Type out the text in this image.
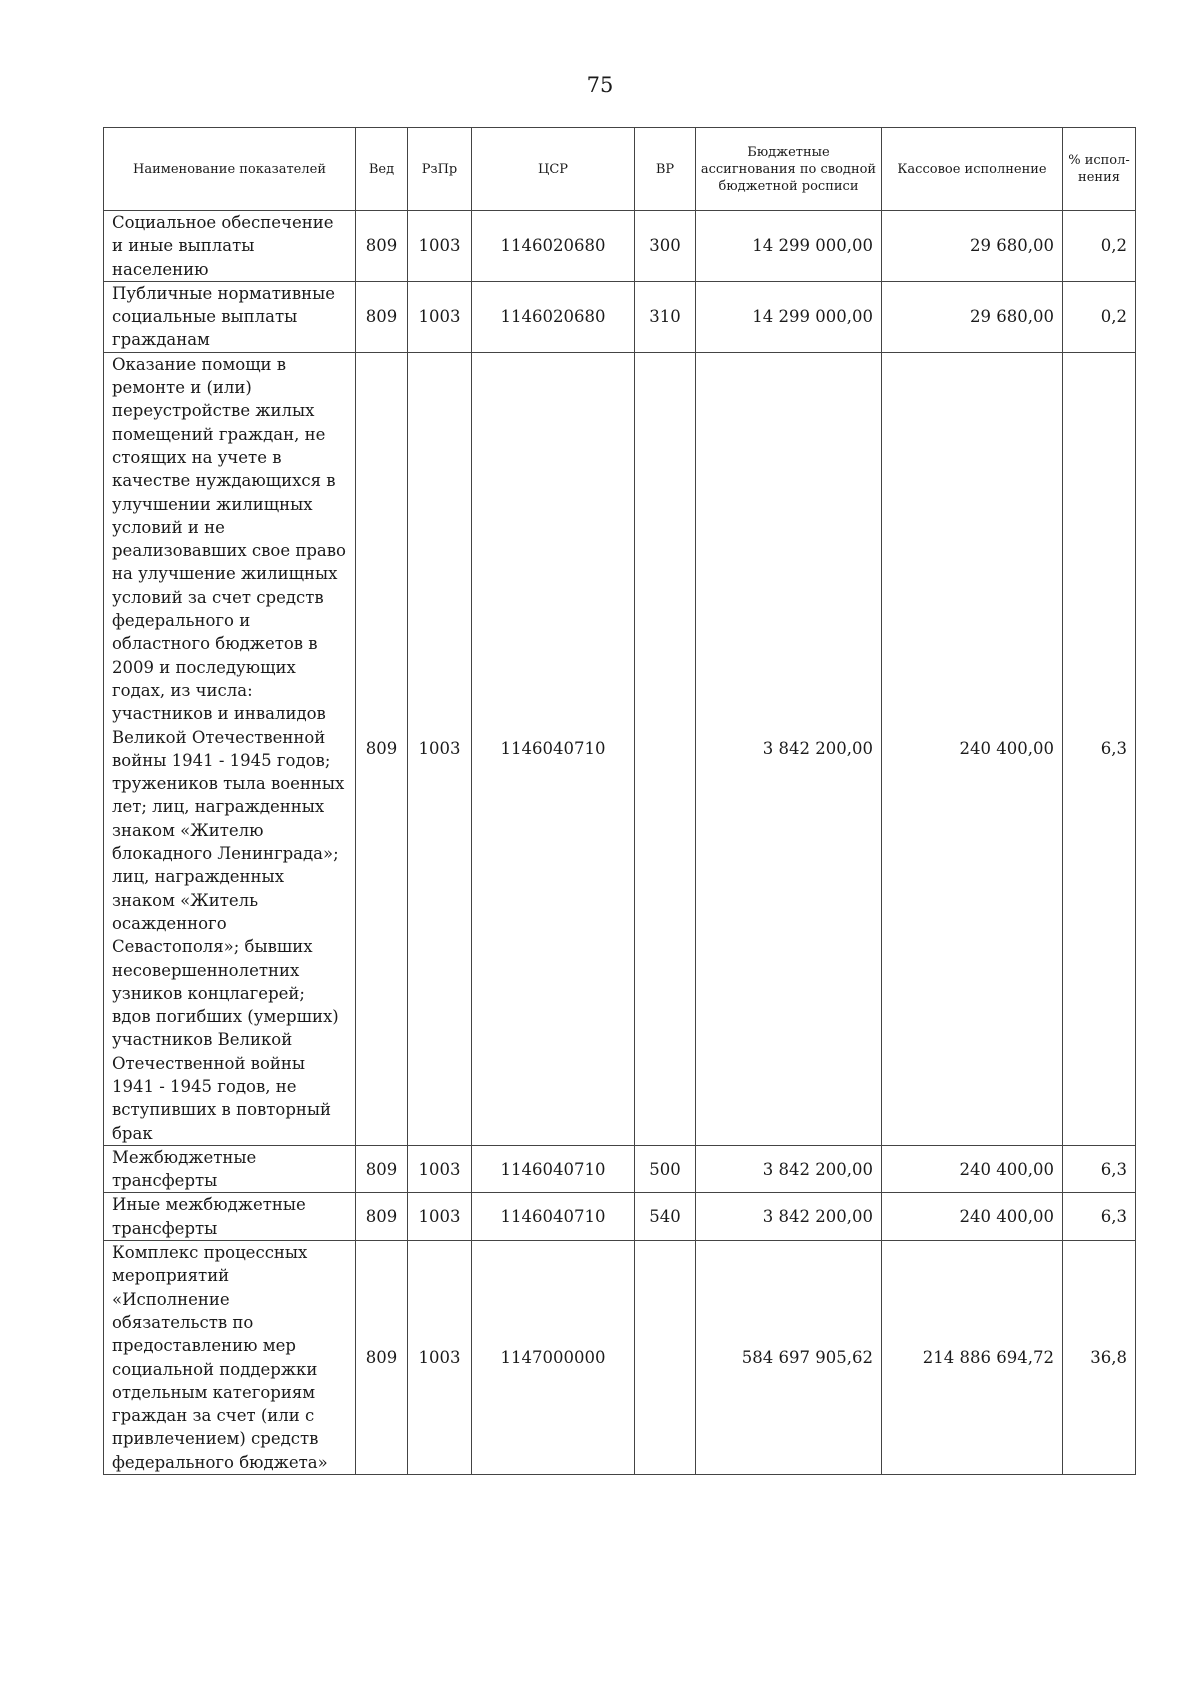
75
Наименование показателей	Вед	РзПр	ЦСР	ВР	Бюджетные ассигнования по сводной бюджетной росписи	Кассовое исполнение	% испол-нения
Социальное обеспечение и иные выплаты населению	809	1003	1146020680	300	14 299 000,00	29 680,00	0,2
Публичные нормативные социальные выплаты гражданам	809	1003	1146020680	310	14 299 000,00	29 680,00	0,2
Оказание помощи в ремонте и (или) переустройстве жилых помещений граждан, не стоящих на учете в качестве нуждающихся в улучшении жилищных условий и не реализовавших свое право на улучшение жилищных условий за счет средств федерального и областного бюджетов в 2009 и последующих годах, из числа: участников и инвалидов Великой Отечественной войны 1941 - 1945 годов; тружеников тыла военных лет; лиц, награжденных знаком «Жителю блокадного Ленинграда»; лиц, награжденных знаком «Житель осажденного Севастополя»; бывших несовершеннолетних узников концлагерей; вдов погибших (умерших) участников Великой Отечественной войны 1941 - 1945 годов, не вступивших в повторный брак	809	1003	1146040710		3 842 200,00	240 400,00	6,3
Межбюджетные трансферты	809	1003	1146040710	500	3 842 200,00	240 400,00	6,3
Иные межбюджетные трансферты	809	1003	1146040710	540	3 842 200,00	240 400,00	6,3
Комплекс процессных мероприятий «Исполнение обязательств по предоставлению мер социальной поддержки отдельным категориям граждан за счет (или с привлечением) средств федерального бюджета»	809	1003	1147000000		584 697 905,62	214 886 694,72	36,8
